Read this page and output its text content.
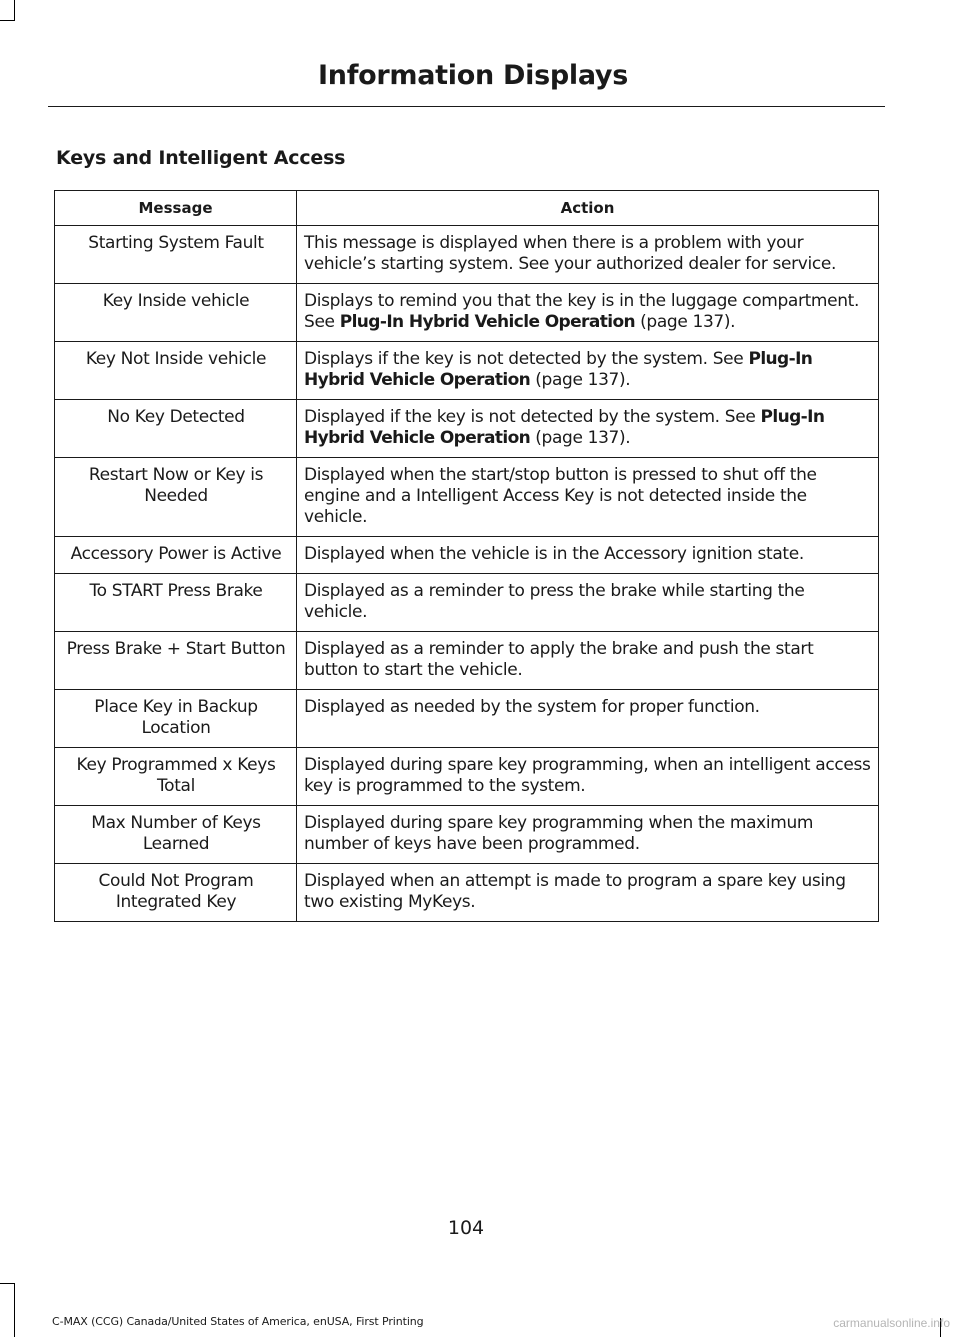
Information Displays
Keys and Intelligent Access
Message	Action
Starting System Fault	This message is displayed when there is a problem with your vehicle’s starting system. See your authorized dealer for service.
Key Inside vehicle	Displays to remind you that the key is in the luggage compartment. See Plug-In Hybrid Vehicle Operation (page 137).
Key Not Inside vehicle	Displays if the key is not detected by the system. See Plug-In Hybrid Vehicle Operation (page 137).
No Key Detected	Displayed if the key is not detected by the system. See Plug-In Hybrid Vehicle Operation (page 137).
Restart Now or Key is Needed	Displayed when the start/stop button is pressed to shut off the engine and a Intelligent Access Key is not detected inside the vehicle.
Accessory Power is Active	Displayed when the vehicle is in the Accessory ignition state.
To START Press Brake	Displayed as a reminder to press the brake while starting the vehicle.
Press Brake + Start Button	Displayed as a reminder to apply the brake and push the start button to start the vehicle.
Place Key in Backup Location	Displayed as needed by the system for proper function.
Key Programmed x Keys Total	Displayed during spare key programming, when an intelligent access key is programmed to the system.
Max Number of Keys Learned	Displayed during spare key programming when the maximum number of keys have been programmed.
Could Not Program Integrated Key	Displayed when an attempt is made to program a spare key using two existing MyKeys.

104

C-MAX (CCG) Canada/United States of America, enUSA, First Printing	carmanualsonline.info
